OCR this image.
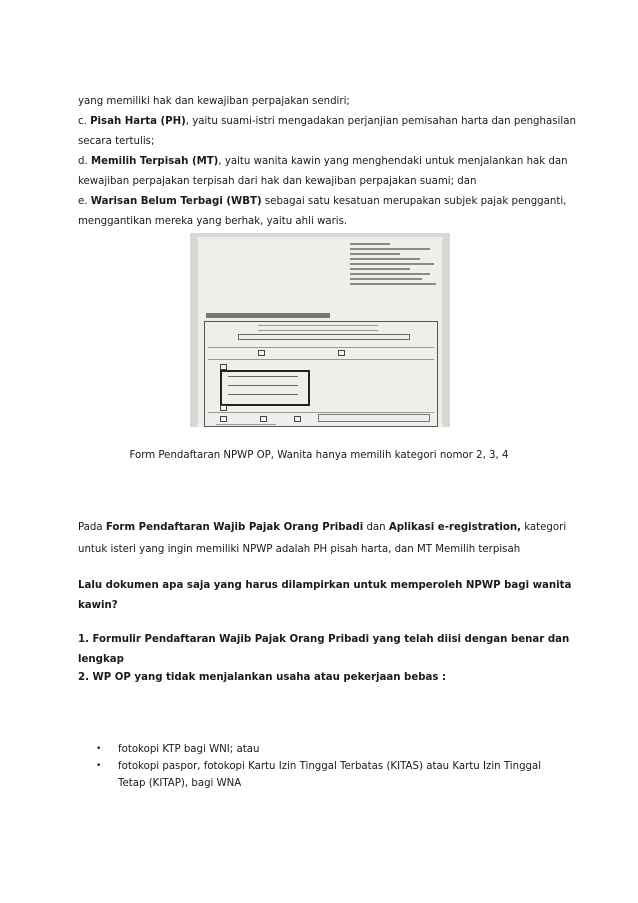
yang memiliki hak dan kewajiban perpajakan sendiri;
c. Pisah Harta (PH), yaitu suami-istri mengadakan perjanjian pemisahan harta dan penghasilan
secara tertulis;
d. Memilih Terpisah (MT), yaitu wanita kawin yang menghendaki untuk menjalankan hak dan
kewajiban perpajakan terpisah dari hak dan kewajiban perpajakan suami; dan
e. Warisan Belum Terbagi (WBT) sebagai satu kesatuan merupakan subjek pajak pengganti,
menggantikan mereka yang berhak, yaitu ahli waris.
Form Pendaftaran NPWP OP, Wanita hanya memilih kategori nomor 2, 3, 4
Pada Form Pendaftaran Wajib Pajak Orang Pribadi dan Aplikasi e-registration, kategori
untuk isteri yang ingin memiliki NPWP adalah PH pisah harta, dan MT Memilih terpisah
Lalu dokumen apa saja yang harus dilampirkan untuk memperoleh NPWP bagi wanita
kawin?
1. Formulir Pendaftaran Wajib Pajak Orang Pribadi yang telah diisi dengan benar dan
lengkap
2. WP OP yang tidak menjalankan usaha atau pekerjaan bebas :
• fotokopi KTP bagi WNI; atau
• fotokopi paspor, fotokopi Kartu Izin Tinggal Terbatas (KITAS) atau Kartu Izin Tinggal Tetap (KITAP), bagi WNA
